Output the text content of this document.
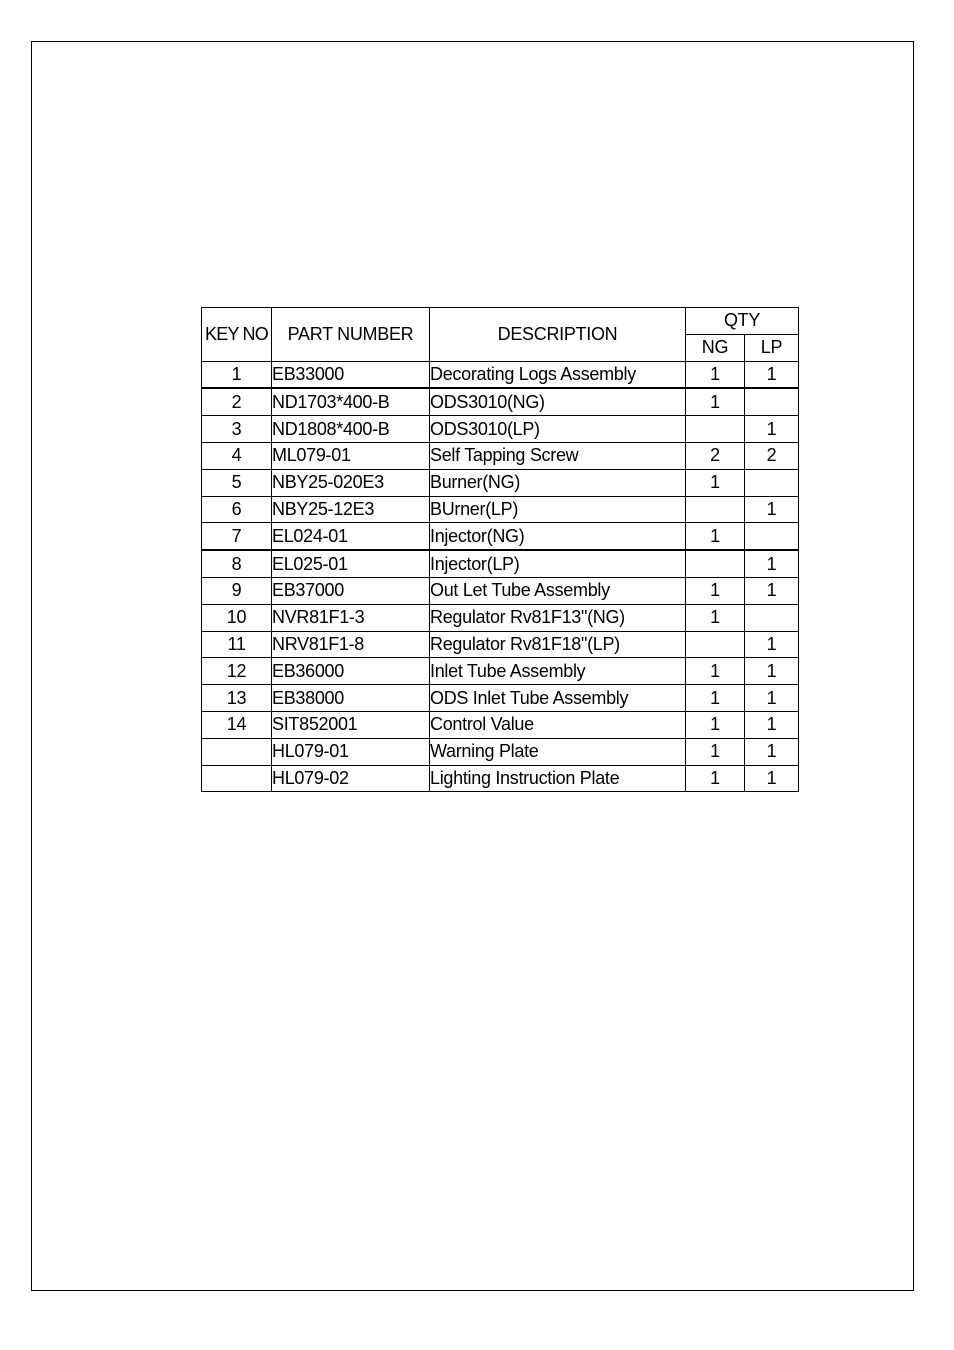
KEY NO	PART NUMBER	DESCRIPTION	QTY	
			NG	LP
1	EB33000	Decorating Logs Assembly	1	1
2	ND1703*400-B	ODS3010(NG)	1	
3	ND1808*400-B	ODS3010(LP)		1
4	ML079-01	Self Tapping Screw	2	2
5	NBY25-020E3	Burner(NG)	1	
6	NBY25-12E3	BUrner(LP)		1
7	EL024-01	Injector(NG)	1	
8	EL025-01	Injector(LP)		1
9	EB37000	Out Let Tube Assembly	1	1
10	NVR81F1-3	Regulator Rv81F13"(NG)	1	
11	NRV81F1-8	Regulator Rv81F18"(LP)		1
12	EB36000	Inlet Tube Assembly	1	1
13	EB38000	ODS Inlet Tube Assembly	1	1
14	SIT852001	Control Value	1	1
	HL079-01	Warning Plate	1	1
	HL079-02	Lighting Instruction Plate	1	1
